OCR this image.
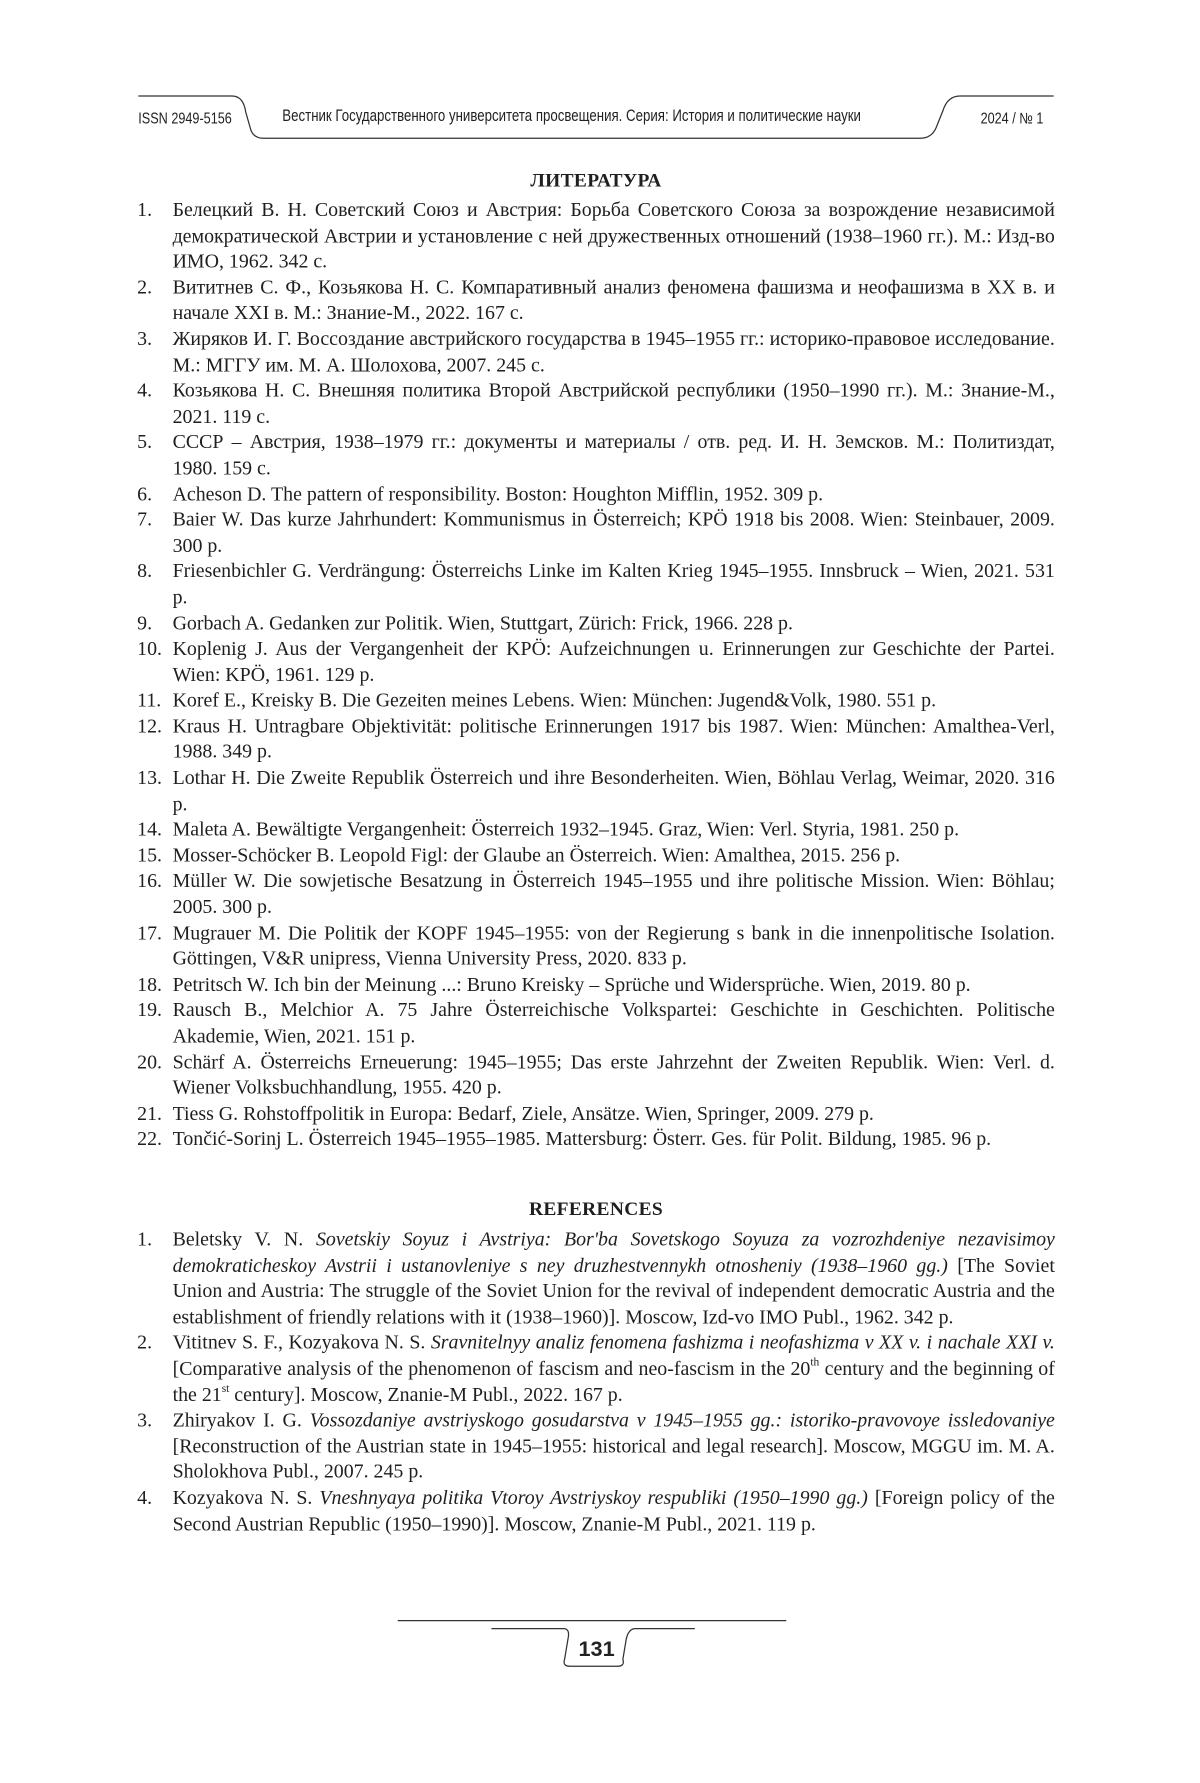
ISSN 2949-5156	Вестник Государственного университета просвещения. Серия: История и политические науки	2024 / № 1
ЛИТЕРАТУРА
1. Белецкий В. Н. Советский Союз и Австрия: Борьба Советского Союза за возрождение независимой демократической Австрии и установление с ней дружественных отношений (1938–1960 гг.). М.: Изд-во ИМО, 1962. 342 с.
2. Вититнев С. Ф., Козьякова Н. С. Компаративный анализ феномена фашизма и неофашизма в XX в. и начале XXI в. М.: Знание-М., 2022. 167 с.
3. Жиряков И. Г. Воссоздание австрийского государства в 1945–1955 гг.: историко-правовое исследование. М.: МГГУ им. М. А. Шолохова, 2007. 245 с.
4. Козьякова Н. С. Внешняя политика Второй Австрийской республики (1950–1990 гг.). М.: Знание-М., 2021. 119 с.
5. СССР – Австрия, 1938–1979 гг.: документы и материалы / отв. ред. И. Н. Земсков. М.: Политиздат, 1980. 159 с.
6. Acheson D. The pattern of responsibility. Boston: Houghton Mifflin, 1952. 309 p.
7. Baier W. Das kurze Jahrhundert: Kommunismus in Österreich; KPÖ 1918 bis 2008. Wien: Steinbauer, 2009. 300 p.
8. Friesenbichler G. Verdrängung: Österreichs Linke im Kalten Krieg 1945–1955. Innsbruck – Wien, 2021. 531 p.
9. Gorbach A. Gedanken zur Politik. Wien, Stuttgart, Zürich: Frick, 1966. 228 p.
10. Koplenig J. Aus der Vergangenheit der KPÖ: Aufzeichnungen u. Erinnerungen zur Geschichte der Partei. Wien: KPÖ, 1961. 129 p.
11. Koref E., Kreisky B. Die Gezeiten meines Lebens. Wien: München: Jugend&Volk, 1980. 551 p.
12. Kraus H. Untragbare Objektivität: politische Erinnerungen 1917 bis 1987. Wien: München: Amalthea-Verl, 1988. 349 p.
13. Lothar H. Die Zweite Republik Österreich und ihre Besonderheiten. Wien, Böhlau Verlag, Weimar, 2020. 316 p.
14. Maleta A. Bewältigte Vergangenheit: Österreich 1932–1945. Graz, Wien: Verl. Styria, 1981. 250 p.
15. Mosser-Schöcker B. Leopold Figl: der Glaube an Österreich. Wien: Amalthea, 2015. 256 p.
16. Müller W. Die sowjetische Besatzung in Österreich 1945–1955 und ihre politische Mission. Wien: Böhlau; 2005. 300 p.
17. Mugrauer M. Die Politik der KOPF 1945–1955: von der Regierung s bank in die innenpolitische Isolation. Göttingen, V&R unipress, Vienna University Press, 2020. 833 p.
18. Petritsch W. Ich bin der Meinung ...: Bruno Kreisky – Sprüche und Widersprüche. Wien, 2019. 80 p.
19. Rausch B., Melchior A. 75 Jahre Österreichische Volkspartei: Geschichte in Geschichten. Politische Akademie, Wien, 2021. 151 p.
20. Schärf A. Österreichs Erneuerung: 1945–1955; Das erste Jahrzehnt der Zweiten Republik. Wien: Verl. d. Wiener Volksbuchhandlung, 1955. 420 p.
21. Tiess G. Rohstoffpolitik in Europa: Bedarf, Ziele, Ansätze. Wien, Springer, 2009. 279 p.
22. Tončić-Sorinj L. Österreich 1945–1955–1985. Mattersburg: Österr. Ges. für Polit. Bildung, 1985. 96 p.
REFERENCES
1. Beletsky V. N. Sovetskiy Soyuz i Avstriya: Bor'ba Sovetskogo Soyuza za vozrozhdeniye nezavisimoy demokraticheskoy Avstrii i ustanovleniye s ney druzhestvennykh otnosheniy (1938–1960 gg.) [The Soviet Union and Austria: The struggle of the Soviet Union for the revival of independent democratic Austria and the establishment of friendly relations with it (1938–1960)]. Moscow, Izd-vo IMO Publ., 1962. 342 p.
2. Vititnev S. F., Kozyakova N. S. Sravnitelnyy analiz fenomena fashizma i neofashizma v XX v. i nachale XXI v. [Comparative analysis of the phenomenon of fascism and neo-fascism in the 20th century and the beginning of the 21st century]. Moscow, Znanie-M Publ., 2022. 167 p.
3. Zhiryakov I. G. Vossozdaniye avstriyskogo gosudarstva v 1945–1955 gg.: istoriko-pravovoye issledovaniye [Reconstruction of the Austrian state in 1945–1955: historical and legal research]. Moscow, MGGU im. M. A. Sholokhova Publ., 2007. 245 p.
4. Kozyakova N. S. Vneshnyaya politika Vtoroy Avstriyskoy respubliki (1950–1990 gg.) [Foreign policy of the Second Austrian Republic (1950–1990)]. Moscow, Znanie-M Publ., 2021. 119 p.
131
